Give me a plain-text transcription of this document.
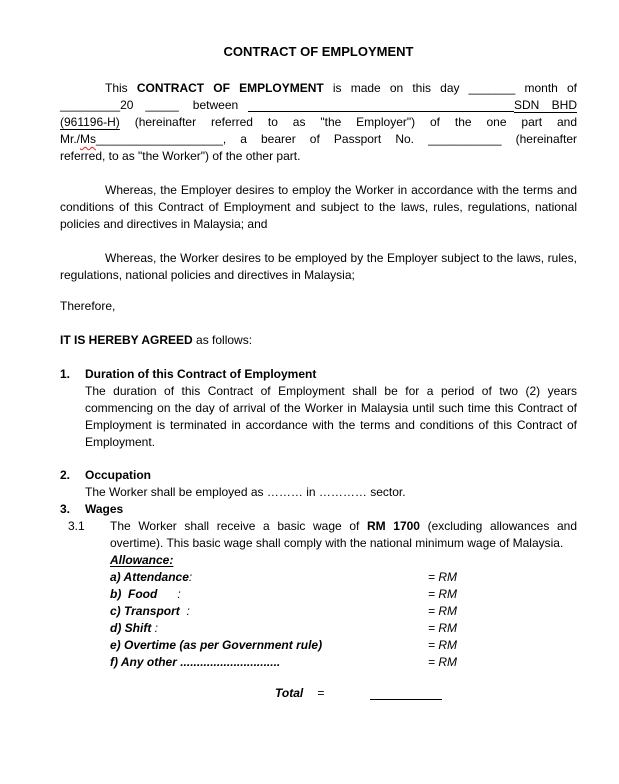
CONTRACT OF EMPLOYMENT
This CONTRACT OF EMPLOYMENT is made on this day _______ month of
_________20 _____ between	SDN BHD
(961196-H) (hereinafter referred to as "the Employer") of the one part and
Mr./Ms___________________, a bearer of Passport No. ___________ (hereinafter
referred, to as "the Worker") of the other part.
Whereas, the Employer desires to employ the Worker in accordance with the terms and conditions of this Contract of Employment and subject to the laws, rules, regulations, national policies and directives in Malaysia; and
Whereas, the Worker desires to be employed by the Employer subject to the laws, rules, regulations, national policies and directives in Malaysia;
Therefore,
IT IS HEREBY AGREED as follows:
1.	Duration of this Contract of Employment
The duration of this Contract of Employment shall be for a period of two (2) years commencing on the day of arrival of the Worker in Malaysia until such time this Contract of Employment is terminated in accordance with the terms and conditions of this Contract of Employment.
2.	Occupation
The Worker shall be employed as ……… in ………… sector.
3.	Wages
3.1	The Worker shall receive a basic wage of RM 1700 (excluding allowances and overtime). This basic wage shall comply with the national minimum wage of Malaysia.
Allowance:
a) Attendance:	= RM
b)  Food      :	= RM
c) Transport  :	= RM
d) Shift :	= RM
e) Overtime (as per Government rule)	= RM
f) Any other ..............................	= RM
Total =
